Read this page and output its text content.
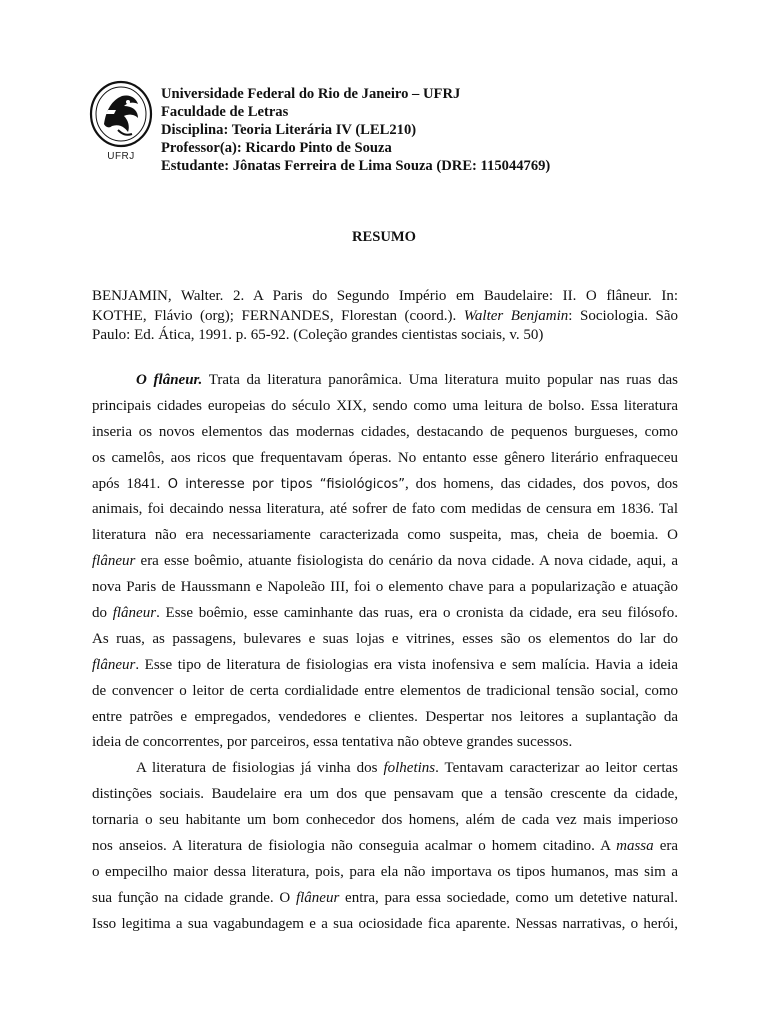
UFRJ
Universidade Federal do Rio de Janeiro – UFRJ
Faculdade de Letras
Disciplina: Teoria Literária IV (LEL210)
Professor(a): Ricardo Pinto de Souza
Estudante: Jônatas Ferreira de Lima Souza (DRE: 115044769)
RESUMO
BENJAMIN, Walter. 2. A Paris do Segundo Império em Baudelaire: II. O flâneur. In:
KOTHE, Flávio (org); FERNANDES, Florestan (coord.). Walter Benjamin: Sociologia. São
Paulo: Ed. Ática, 1991. p. 65-92. (Coleção grandes cientistas sociais, v. 50)
O flâneur. Trata da literatura panorâmica. Uma literatura muito popular nas ruas das
principais cidades europeias do século XIX, sendo como uma leitura de bolso. Essa literatura
inseria os novos elementos das modernas cidades, destacando de pequenos burgueses, como
os camelôs, aos ricos que frequentavam óperas. No entanto esse gênero literário enfraqueceu
após 1841. O interesse por tipos “fisiológicos”, dos homens, das cidades, dos povos, dos
animais, foi decaindo nessa literatura, até sofrer de fato com medidas de censura em 1836. Tal
literatura não era necessariamente caracterizada como suspeita, mas, cheia de boemia. O
flâneur era esse boêmio, atuante fisiologista do cenário da nova cidade. A nova cidade, aqui, a
nova Paris de Haussmann e Napoleão III, foi o elemento chave para a popularização e atuação
do flâneur. Esse boêmio, esse caminhante das ruas, era o cronista da cidade, era seu filósofo.
As ruas, as passagens, bulevares e suas lojas e vitrines, esses são os elementos do lar do
flâneur. Esse tipo de literatura de fisiologias era vista inofensiva e sem malícia. Havia a ideia
de convencer o leitor de certa cordialidade entre elementos de tradicional tensão social, como
entre patrões e empregados, vendedores e clientes. Despertar nos leitores a suplantação da
ideia de concorrentes, por parceiros, essa tentativa não obteve grandes sucessos.
A literatura de fisiologias já vinha dos folhetins. Tentavam caracterizar ao leitor certas
distinções sociais. Baudelaire era um dos que pensavam que a tensão crescente da cidade,
tornaria o seu habitante um bom conhecedor dos homens, além de cada vez mais imperioso
nos anseios. A literatura de fisiologia não conseguia acalmar o homem citadino. A massa era
o empecilho maior dessa literatura, pois, para ela não importava os tipos humanos, mas sim a
sua função na cidade grande. O flâneur entra, para essa sociedade, como um detetive natural.
Isso legitima a sua vagabundagem e a sua ociosidade fica aparente. Nessas narrativas, o herói,
